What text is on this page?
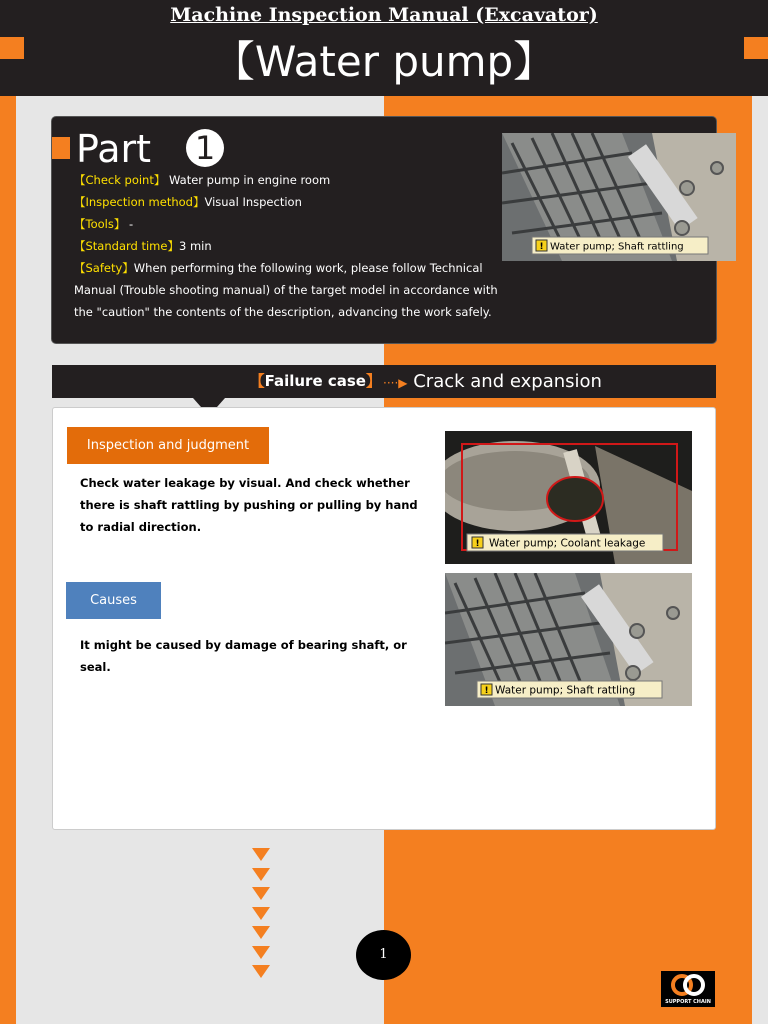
Machine Inspection Manual (Excavator)
【Water pump】
Part 1
【Check point】 Water pump in engine room
【Inspection method】Visual Inspection
【Tools】 -
【Standard time】3 min
【Safety】When performing the following work, please follow Technical Manual (Trouble shooting manual) of the target model in accordance with the "caution" the contents of the description, advancing the work safely.
! Water pump; Shaft rattling
【Failure case】 ····▶ Crack and expansion
Inspection and judgment
Check water leakage by visual. And check whether there is shaft rattling by pushing or pulling by hand to radial direction.
Causes
It might be caused by damage of bearing shaft, or seal.
! Water pump; Coolant leakage
! Water pump; Shaft rattling
1
SUPPORT CHAIN
